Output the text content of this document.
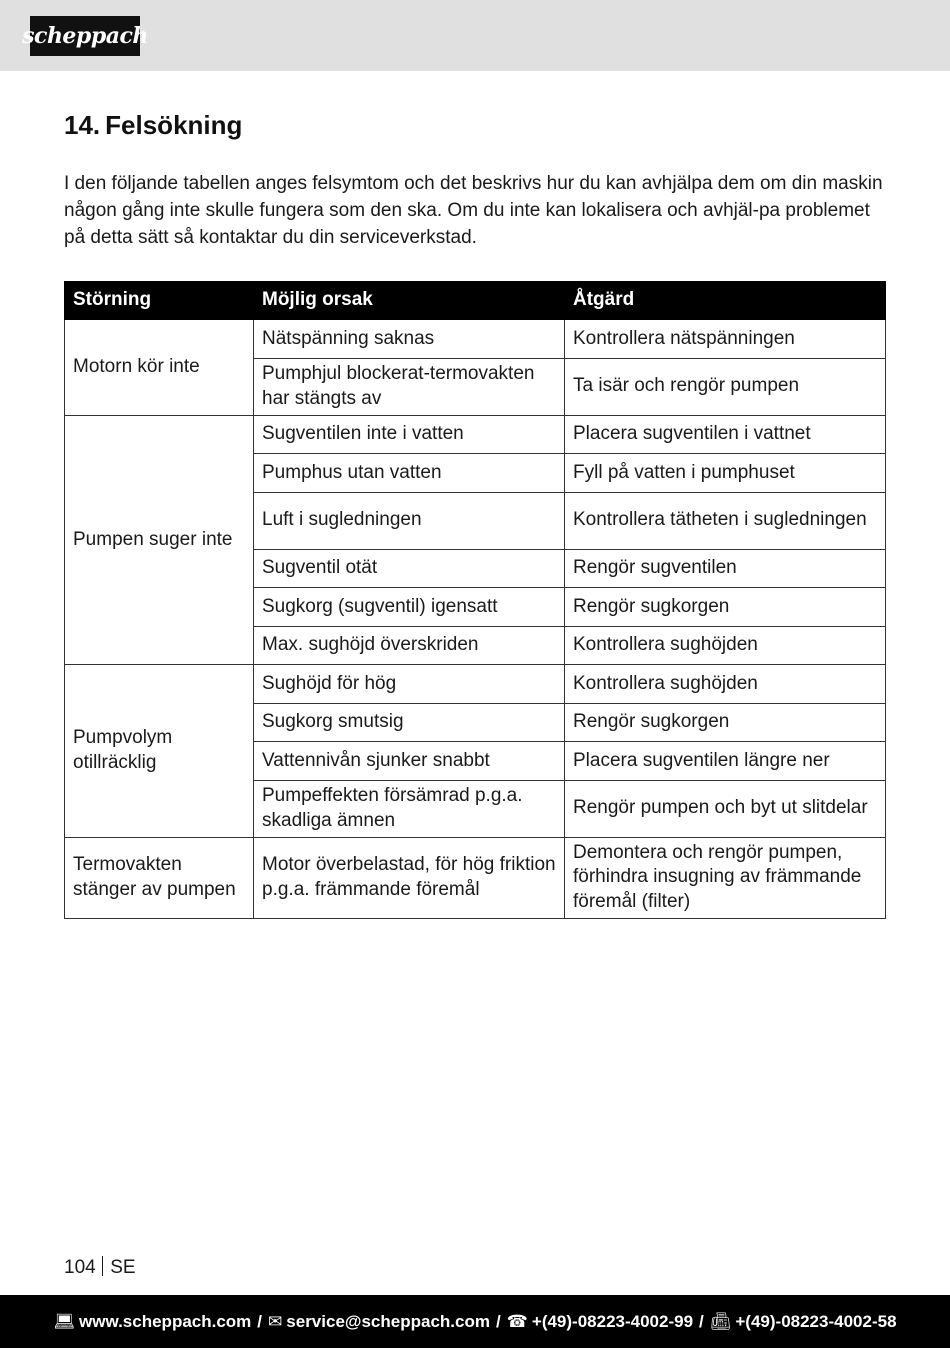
scheppach
14. Felsökning

I den följande tabellen anges felsymtom och det beskrivs hur du kan avhjälpa dem om din maskin någon gång inte skulle fungera som den ska. Om du inte kan lokalisera och avhjäl-pa problemet på detta sätt så kontaktar du din serviceverkstad.

Störning	Möjlig orsak	Åtgärd
Motorn kör inte	Nätspänning saknas	Kontrollera nätspänningen
	Pumphjul blockerat-termovakten har stängts av	Ta isär och rengör pumpen
Pumpen suger inte	Sugventilen inte i vatten	Placera sugventilen i vattnet
	Pumphus utan vatten	Fyll på vatten i pumphuset
	Luft i sugledningen	Kontrollera tätheten i sugledningen
	Sugventil otät	Rengör sugventilen
	Sugkorg (sugventil) igensatt	Rengör sugkorgen
	Max. sughöjd överskriden	Kontrollera sughöjden
Pumpvolym otillräcklig	Sughöjd för hög	Kontrollera sughöjden
	Sugkorg smutsig	Rengör sugkorgen
	Vattennivån sjunker snabbt	Placera sugventilen längre ner
	Pumpeffekten försämrad p.g.a. skadliga ämnen	Rengör pumpen och byt ut slitdelar
Termovakten stänger av pumpen	Motor överbelastad, för hög friktion p.g.a. främmande föremål	Demontera och rengör pumpen, förhindra insugning av främmande föremål (filter)
104 SE
💻︎ www.scheppach.com / ✉︎ service@scheppach.com / ☎︎ +(49)-08223-4002-99 / 📠︎ +(49)-08223-4002-58
